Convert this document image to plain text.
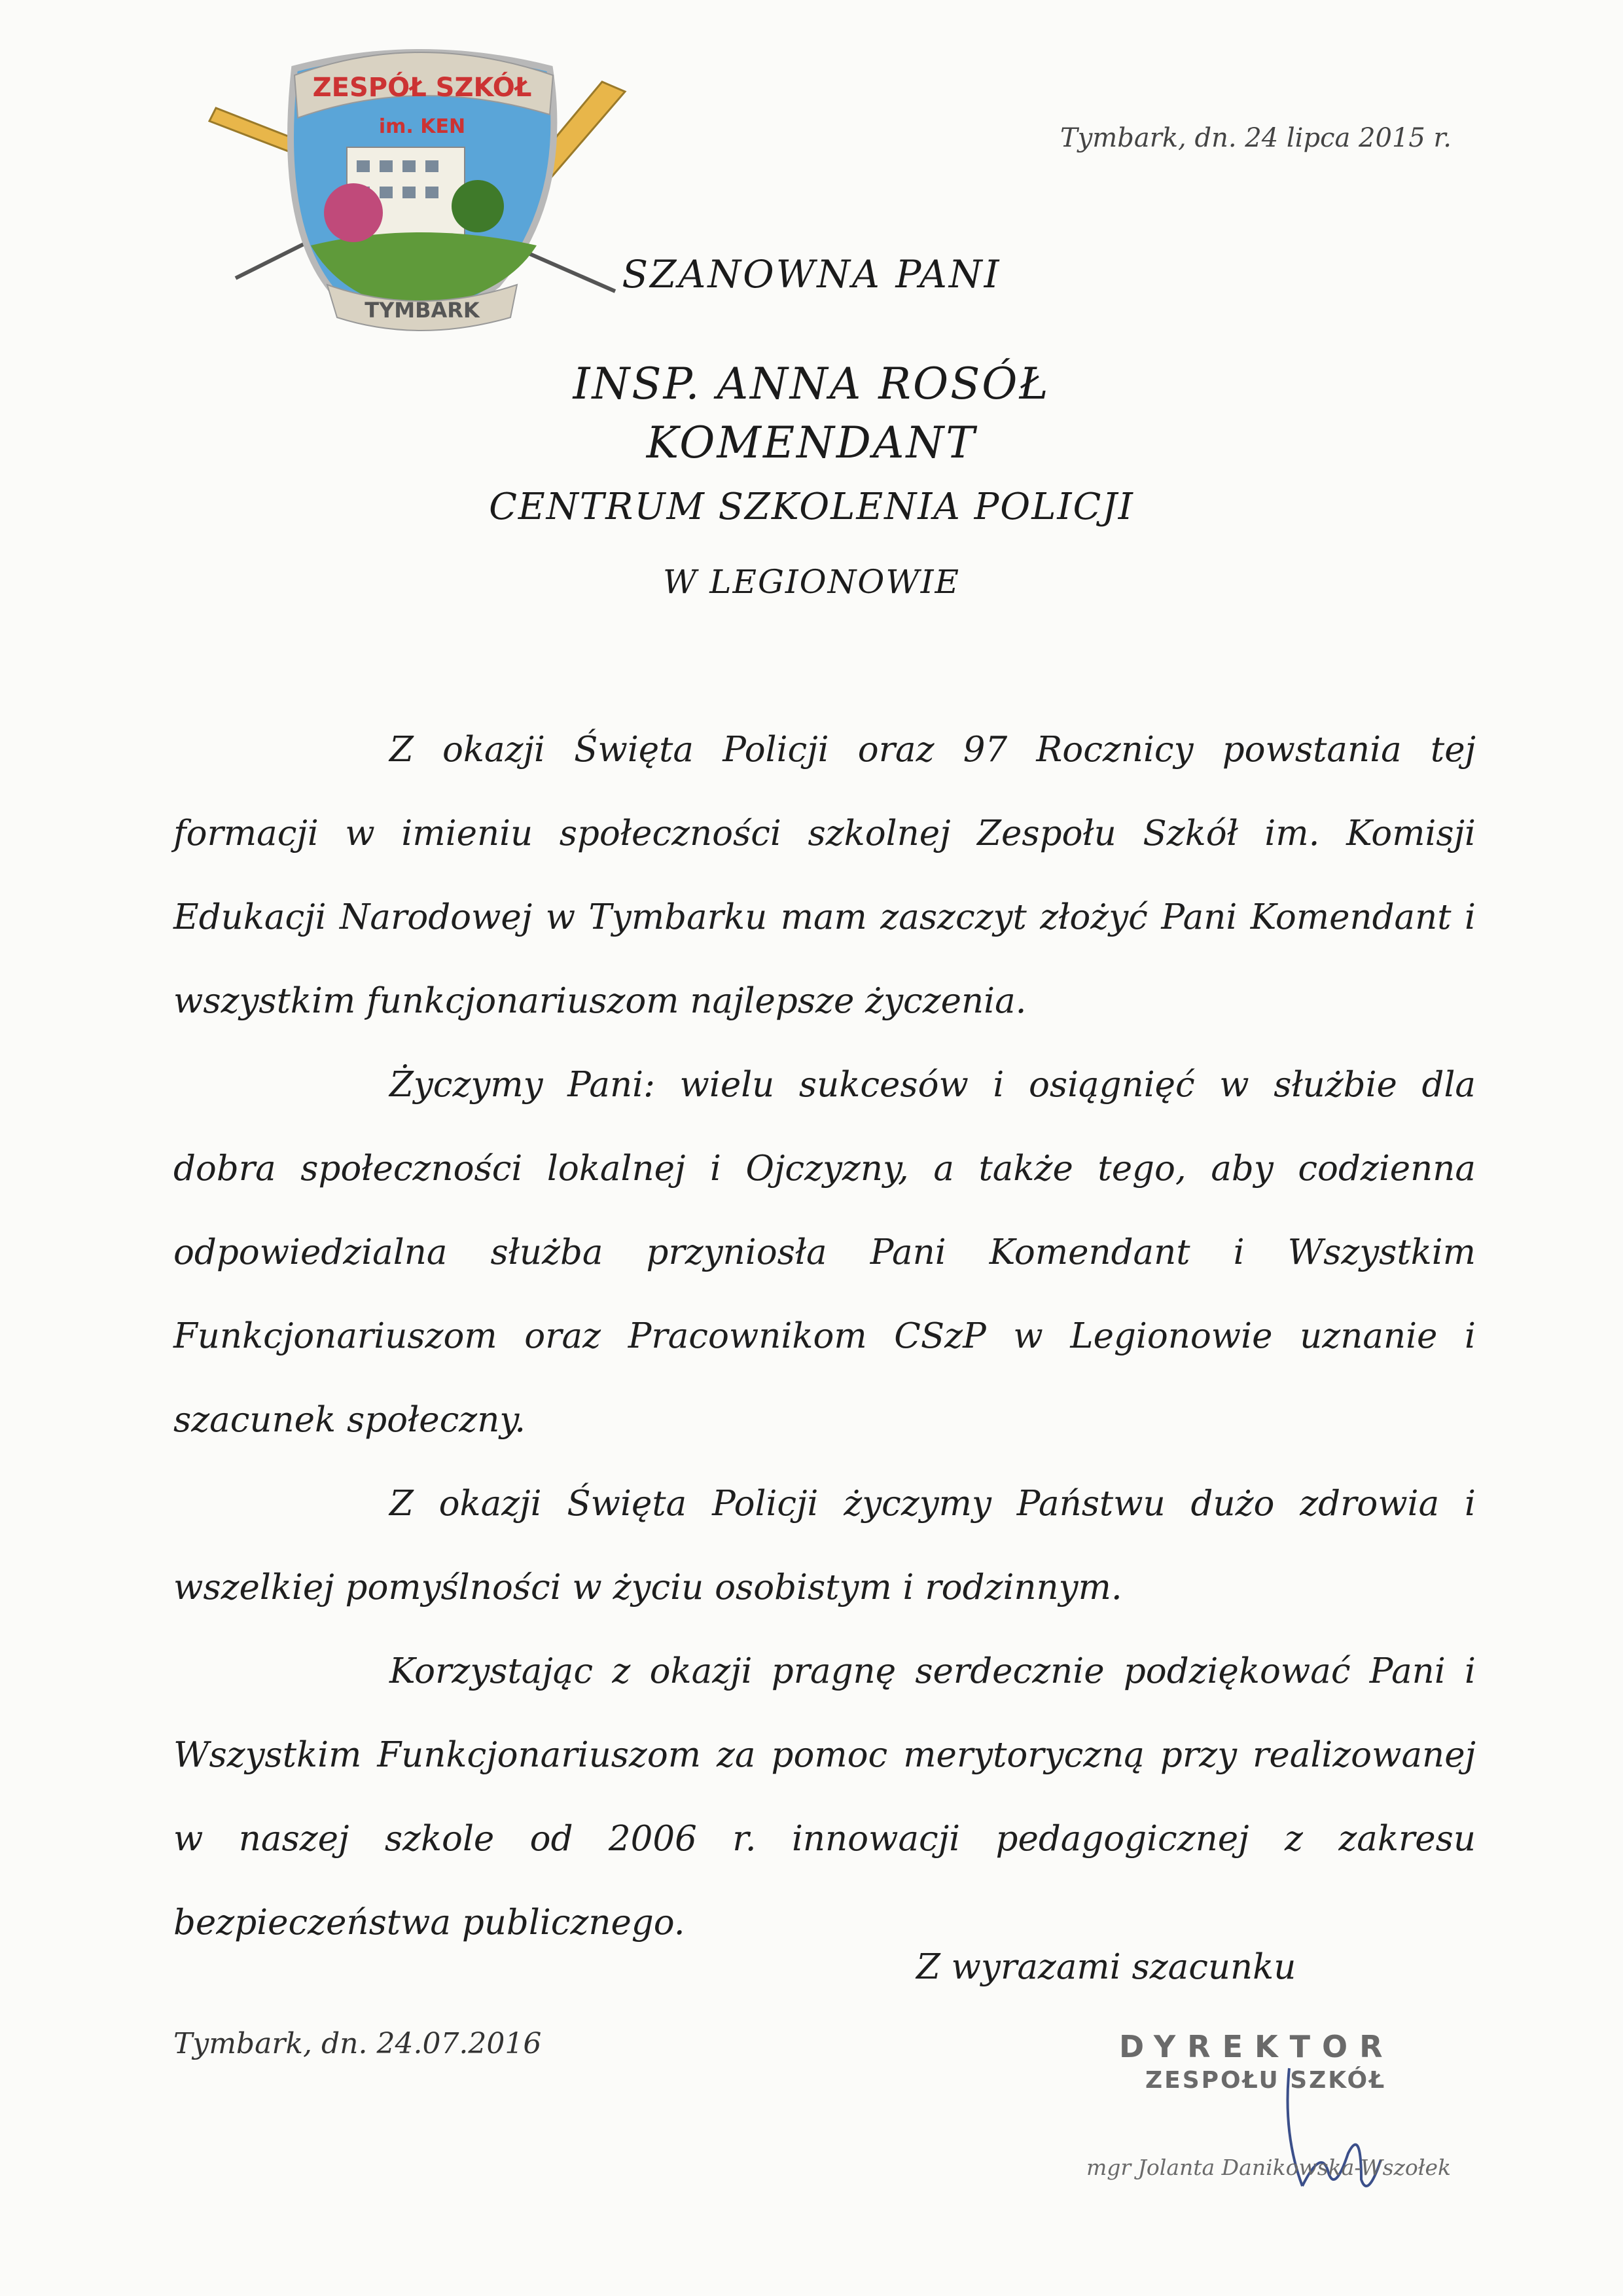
ZESPÓŁ SZKÓŁ
im. KEN
TYMBARK
Tymbark, dn. 24 lipca 2015 r.
SZANOWNA PANI
INSP. ANNA ROSÓŁ
KOMENDANT
CENTRUM SZKOLENIA POLICJI
W LEGIONOWIE

Z okazji Święta Policji oraz 97 Rocznicy powstania tej formacji w imieniu społeczności szkolnej Zespołu Szkół im. Komisji Edukacji Narodowej w Tymbarku mam zaszczyt złożyć Pani Komendant i wszystkim funkcjonariuszom najlepsze życzenia.

Życzymy Pani: wielu sukcesów i osiągnięć w służbie dla dobra społeczności lokalnej i Ojczyzny, a także tego, aby codzienna odpowiedzialna służba przyniosła Pani Komendant i Wszystkim Funkcjonariuszom oraz Pracownikom CSzP w Legionowie uznanie i szacunek społeczny.

Z okazji Święta Policji życzymy Państwu dużo zdrowia i wszelkiej pomyślności w życiu osobistym i rodzinnym.

Korzystając z okazji pragnę serdecznie podziękować Pani i Wszystkim Funkcjonariuszom za pomoc merytoryczną przy realizowanej w naszej szkole od 2006 r. innowacji pedagogicznej z zakresu bezpieczeństwa publicznego.

Z wyrazami szacunku
Tymbark, dn. 24.07.2016	DYREKTOR
ZESPOŁU SZKÓŁ
mgr Jolanta Danikowska-Wszołek
